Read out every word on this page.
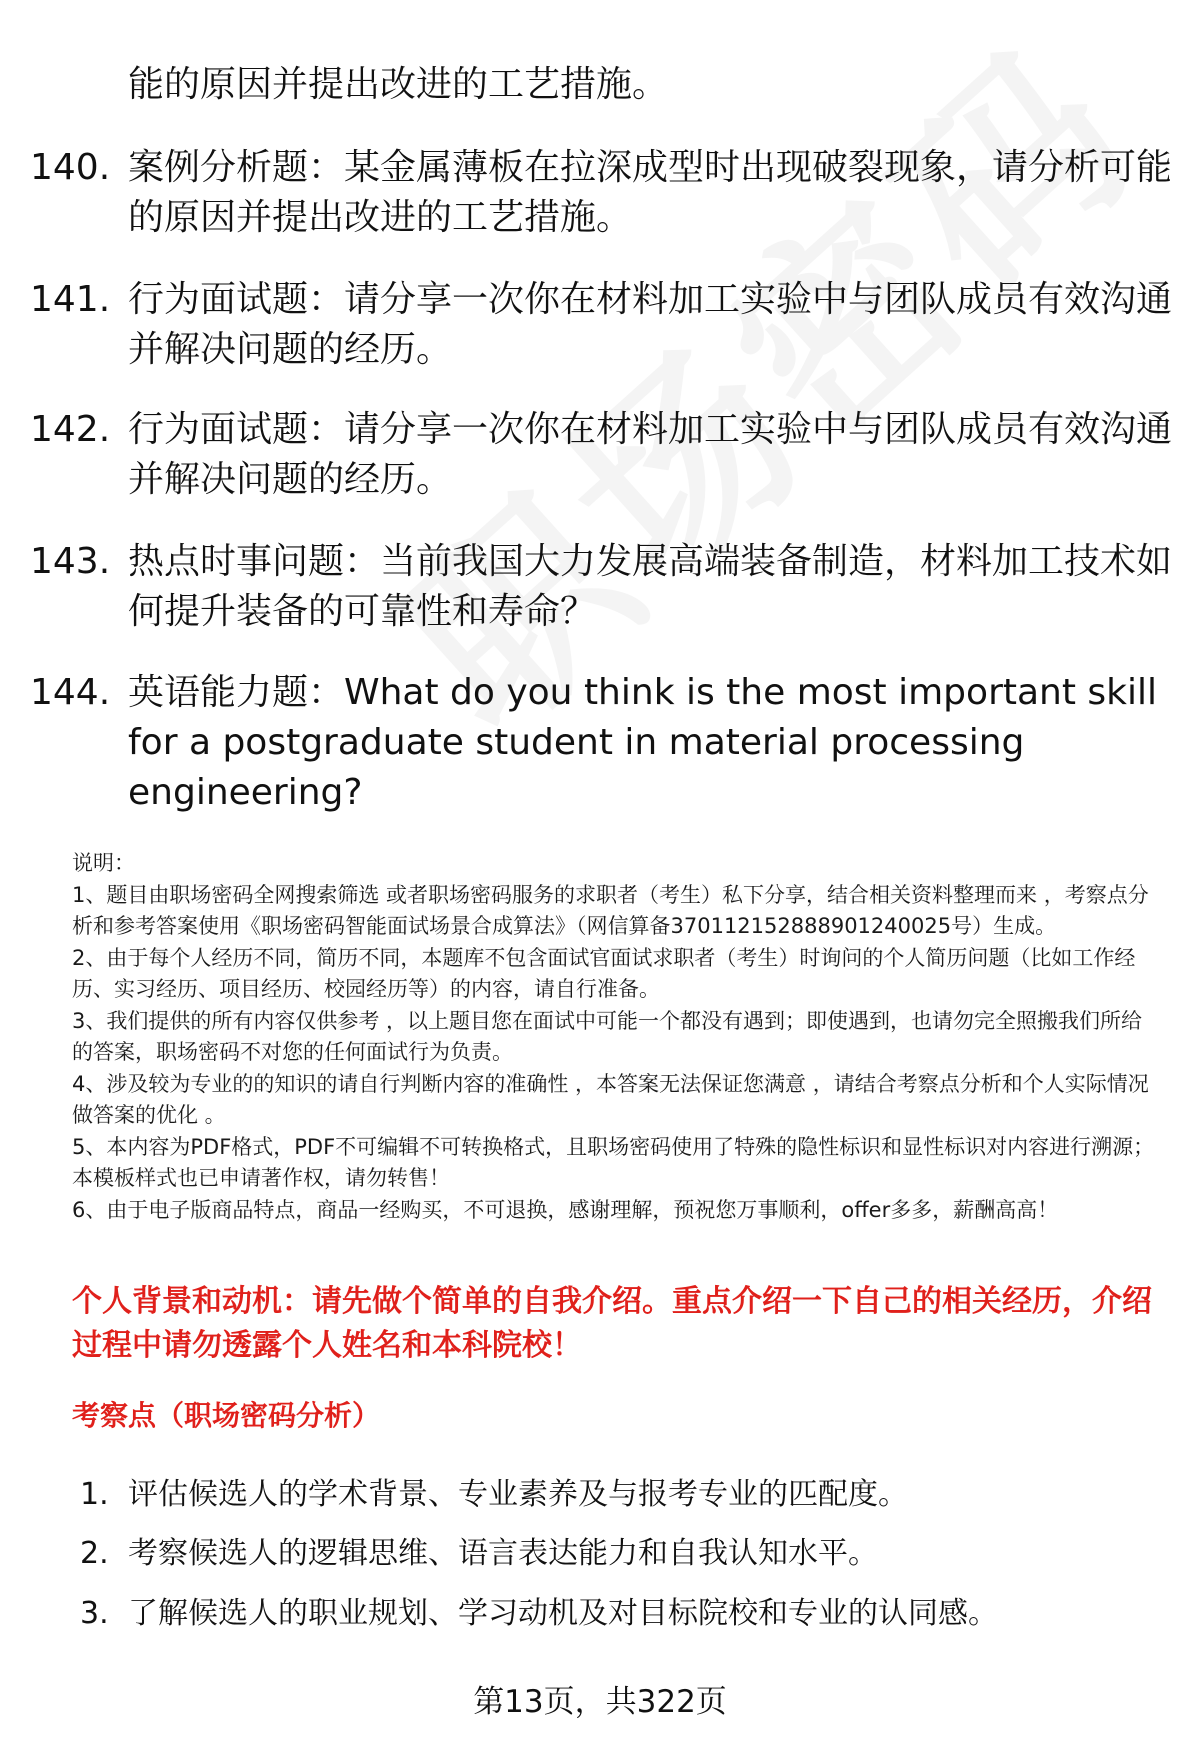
能的原因并提出改进的工艺措施。
140. 案例分析题：某金属薄板在拉深成型时出现破裂现象，请分析可能的原因并提出改进的工艺措施。
141. 行为面试题：请分享一次你在材料加工实验中与团队成员有效沟通并解决问题的经历。
142. 行为面试题：请分享一次你在材料加工实验中与团队成员有效沟通并解决问题的经历。
143. 热点时事问题：当前我国大力发展高端装备制造，材料加工技术如何提升装备的可靠性和寿命？
144. 英语能力题：What do you think is the most important skill for a postgraduate student in material processing engineering?

说明：

1、题目由职场密码全网搜索筛选 或者职场密码服务的求职者（考生）私下分享，结合相关资料整理而来 ，考察点分析和参考答案使用《职场密码智能面试场景合成算法》（网信算备370112152888901240025号）生成。

2、由于每个人经历不同，简历不同，本题库不包含面试官面试求职者（考生）时询问的个人简历问题（比如工作经历、实习经历、项目经历、校园经历等）的内容，请自行准备。

3、我们提供的所有内容仅供参考 ，以上题目您在面试中可能一个都没有遇到；即使遇到，也请勿完全照搬我们所给的答案，职场密码不对您的任何面试行为负责。

4、涉及较为专业的的知识的请自行判断内容的准确性 ，本答案无法保证您满意 ，请结合考察点分析和个人实际情况做答案的优化 。

5、本内容为PDF格式，PDF不可编辑不可转换格式，且职场密码使用了特殊的隐性标识和显性标识对内容进行溯源；本模板样式也已申请著作权，请勿转售！

6、由于电子版商品特点，商品一经购买，不可退换，感谢理解，预祝您万事顺利，offer多多，薪酬高高！

个人背景和动机：请先做个简单的自我介绍。重点介绍一下自己的相关经历，介绍过程中请勿透露个人姓名和本科院校！
考察点（职场密码分析）
1. 评估候选人的学术背景、专业素养及与报考专业的匹配度。
2. 考察候选人的逻辑思维、语言表达能力和自我认知水平。
3. 了解候选人的职业规划、学习动机及对目标院校和专业的认同感。
第13页，共322页
